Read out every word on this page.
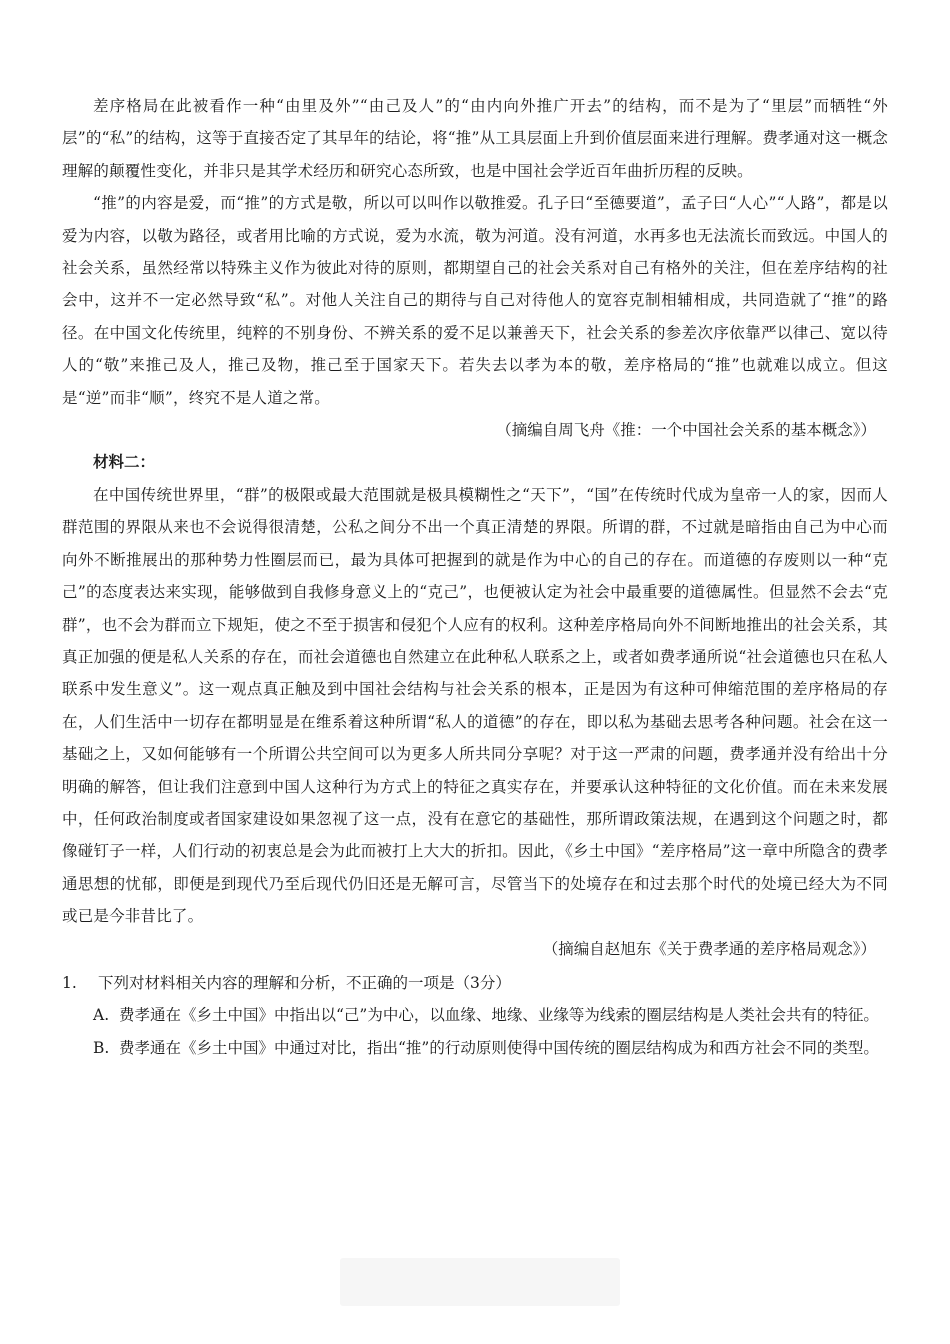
差序格局在此被看作一种“由里及外”“由己及人”的“由内向外推广开去”的结构，而不是为了“里层”而牺牲“外层”的“私”的结构，这等于直接否定了其早年的结论，将“推”从工具层面上升到价值层面来进行理解。费孝通对这一概念理解的颠覆性变化，并非只是其学术经历和研究心态所致，也是中国社会学近百年曲折历程的反映。

“推”的内容是爱，而“推”的方式是敬，所以可以叫作以敬推爱。孔子曰“至德要道”，孟子曰“人心”“人路”，都是以爱为内容，以敬为路径，或者用比喻的方式说，爱为水流，敬为河道。没有河道，水再多也无法流长而致远。中国人的社会关系，虽然经常以特殊主义作为彼此对待的原则，都期望自己的社会关系对自己有格外的关注，但在差序结构的社会中，这并不一定必然导致“私”。对他人关注自己的期待与自己对待他人的宽容克制相辅相成，共同造就了“推”的路径。在中国文化传统里，纯粹的不别身份、不辨关系的爱不足以兼善天下，社会关系的参差次序依靠严以律己、宽以待人的“敬”来推己及人，推己及物，推己至于国家天下。若失去以孝为本的敬，差序格局的“推”也就难以成立。但这是“逆”而非“顺”，终究不是人道之常。

（摘编自周飞舟《推：一个中国社会关系的基本概念》）

材料二：

在中国传统世界里，“群”的极限或最大范围就是极具模糊性之“天下”，“国”在传统时代成为皇帝一人的家，因而人群范围的界限从来也不会说得很清楚，公私之间分不出一个真正清楚的界限。所谓的群，不过就是暗指由自己为中心而向外不断推展出的那种势力性圈层而已，最为具体可把握到的就是作为中心的自己的存在。而道德的存废则以一种“克己”的态度表达来实现，能够做到自我修身意义上的“克己”，也便被认定为社会中最重要的道德属性。但显然不会去“克群”，也不会为群而立下规矩，使之不至于损害和侵犯个人应有的权利。这种差序格局向外不间断地推出的社会关系，其真正加强的便是私人关系的存在，而社会道德也自然建立在此种私人联系之上，或者如费孝通所说“社会道德也只在私人联系中发生意义”。这一观点真正触及到中国社会结构与社会关系的根本，正是因为有这种可伸缩范围的差序格局的存在，人们生活中一切存在都明显是在维系着这种所谓“私人的道德”的存在，即以私为基础去思考各种问题。社会在这一基础之上，又如何能够有一个所谓公共空间可以为更多人所共同分享呢？对于这一严肃的问题，费孝通并没有给出十分明确的解答，但让我们注意到中国人这种行为方式上的特征之真实存在，并要承认这种特征的文化价值。而在未来发展中，任何政治制度或者国家建设如果忽视了这一点，没有在意它的基础性，那所谓政策法规，在遇到这个问题之时，都像碰钉子一样，人们行动的初衷总是会为此而被打上大大的折扣。因此，《乡土中国》“差序格局”这一章中所隐含的费孝通思想的忧郁，即便是到现代乃至后现代仍旧还是无解可言，尽管当下的处境存在和过去那个时代的处境已经大为不同或已是今非昔比了。

（摘编自赵旭东《关于费孝通的差序格局观念》）

1.	下列对材料相关内容的理解和分析，不正确的一项是（3分）
A. 费孝通在《乡土中国》中指出以“己”为中心，以血缘、地缘、业缘等为线索的圈层结构是人类社会共有的特征。
B. 费孝通在《乡土中国》中通过对比，指出“推”的行动原则使得中国传统的圈层结构成为和西方社会不同的类型。
